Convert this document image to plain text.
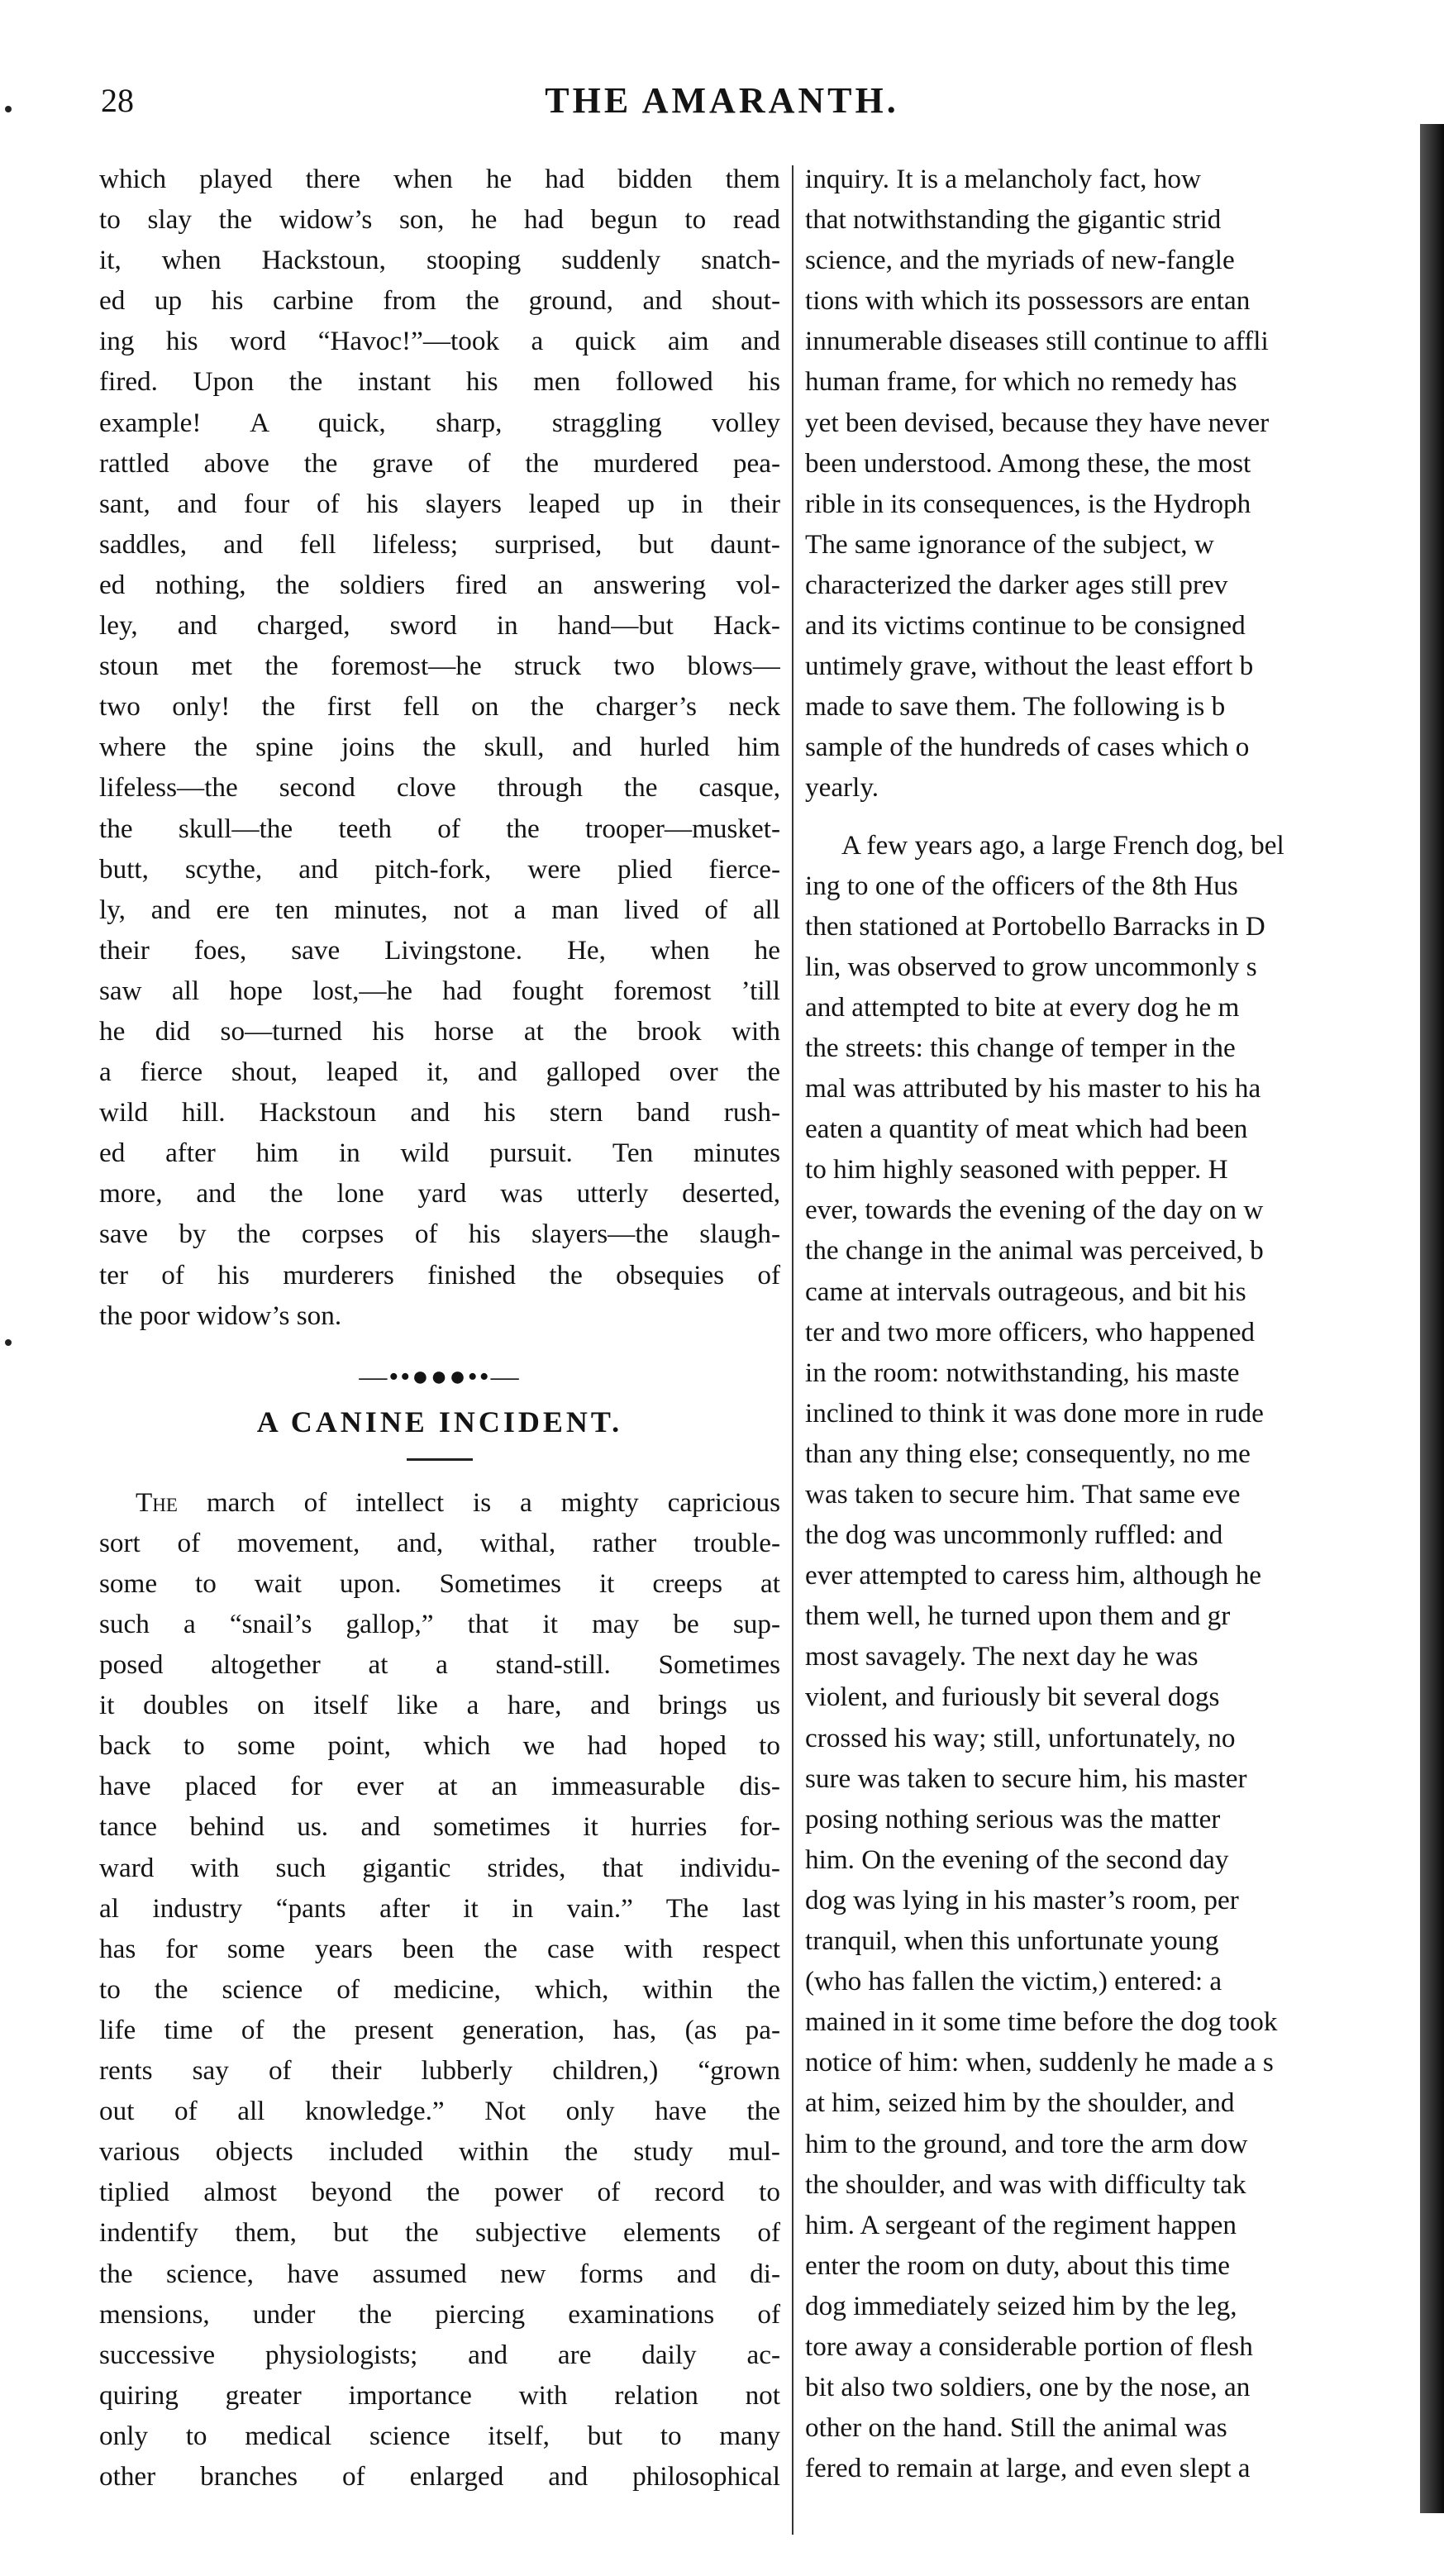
28	THE AMARANTH.
which played there when he had bidden them
to slay the widow’s son, he had begun to read
it, when Hackstoun, stooping suddenly snatch-
ed up his carbine from the ground, and shout-
ing his word “Havoc!”—took a quick aim and
fired. Upon the instant his men followed his
example! A quick, sharp, straggling volley
rattled above the grave of the murdered pea-
sant, and four of his slayers leaped up in their
saddles, and fell lifeless; surprised, but daunt-
ed nothing, the soldiers fired an answering vol-
ley, and charged, sword in hand—but Hack-
stoun met the foremost—he struck two blows—
two only! the first fell on the charger’s neck
where the spine joins the skull, and hurled him
lifeless—the second clove through the casque,
the skull—the teeth of the trooper—musket-
butt, scythe, and pitch-fork, were plied fierce-
ly, and ere ten minutes, not a man lived of all
their foes, save Livingstone. He, when he
saw all hope lost,—he had fought foremost ’till
he did so—turned his horse at the brook with
a fierce shout, leaped it, and galloped over the
wild hill. Hackstoun and his stern band rush-
ed after him in wild pursuit. Ten minutes
more, and the lone yard was utterly deserted,
save by the corpses of his slayers—the slaugh-
ter of his murderers finished the obsequies of
the poor widow’s son.
—••●●●••—
A CANINE INCIDENT.
The march of intellect is a mighty capricious
sort of movement, and, withal, rather trouble-
some to wait upon. Sometimes it creeps at
such a “snail’s gallop,” that it may be sup-
posed altogether at a stand-still. Sometimes
it doubles on itself like a hare, and brings us
back to some point, which we had hoped to
have placed for ever at an immeasurable dis-
tance behind us. and sometimes it hurries for-
ward with such gigantic strides, that individu-
al industry “pants after it in vain.” The last
has for some years been the case with respect
to the science of medicine, which, within the
life time of the present generation, has, (as pa-
rents say of their lubberly children,) “grown
out of all knowledge.” Not only have the
various objects included within the study mul-
tiplied almost beyond the power of record to
indentify them, but the subjective elements of
the science, have assumed new forms and di-
mensions, under the piercing examinations of
successive physiologists; and are daily ac-
quiring greater importance with relation not
only to medical science itself, but to many
other branches of enlarged and philosophical
inquiry. It is a melancholy fact, how
that notwithstanding the gigantic strid
science, and the myriads of new-fangle
tions with which its possessors are entan
innumerable diseases still continue to affli
human frame, for which no remedy has
yet been devised, because they have never
been understood. Among these, the most
rible in its consequences, is the Hydroph
The same ignorance of the subject, w
characterized the darker ages still prev
and its victims continue to be consigned
untimely grave, without the least effort b
made to save them. The following is b
sample of the hundreds of cases which o
yearly.
A few years ago, a large French dog, bel
ing to one of the officers of the 8th Hus
then stationed at Portobello Barracks in D
lin, was observed to grow uncommonly s
and attempted to bite at every dog he m
the streets: this change of temper in the
mal was attributed by his master to his ha
eaten a quantity of meat which had been
to him highly seasoned with pepper. H
ever, towards the evening of the day on w
the change in the animal was perceived, b
came at intervals outrageous, and bit his
ter and two more officers, who happened
in the room: notwithstanding, his maste
inclined to think it was done more in rude
than any thing else; consequently, no me
was taken to secure him. That same eve
the dog was uncommonly ruffled: and
ever attempted to caress him, although he
them well, he turned upon them and gr
most savagely. The next day he was
violent, and furiously bit several dogs
crossed his way; still, unfortunately, no
sure was taken to secure him, his master
posing nothing serious was the matter
him. On the evening of the second day
dog was lying in his master’s room, per
tranquil, when this unfortunate young
(who has fallen the victim,) entered: a
mained in it some time before the dog took
notice of him: when, suddenly he made a s
at him, seized him by the shoulder, and
him to the ground, and tore the arm dow
the shoulder, and was with difficulty tak
him. A sergeant of the regiment happen
enter the room on duty, about this time
dog immediately seized him by the leg,
tore away a considerable portion of flesh
bit also two soldiers, one by the nose, an
other on the hand. Still the animal was
fered to remain at large, and even slept a
